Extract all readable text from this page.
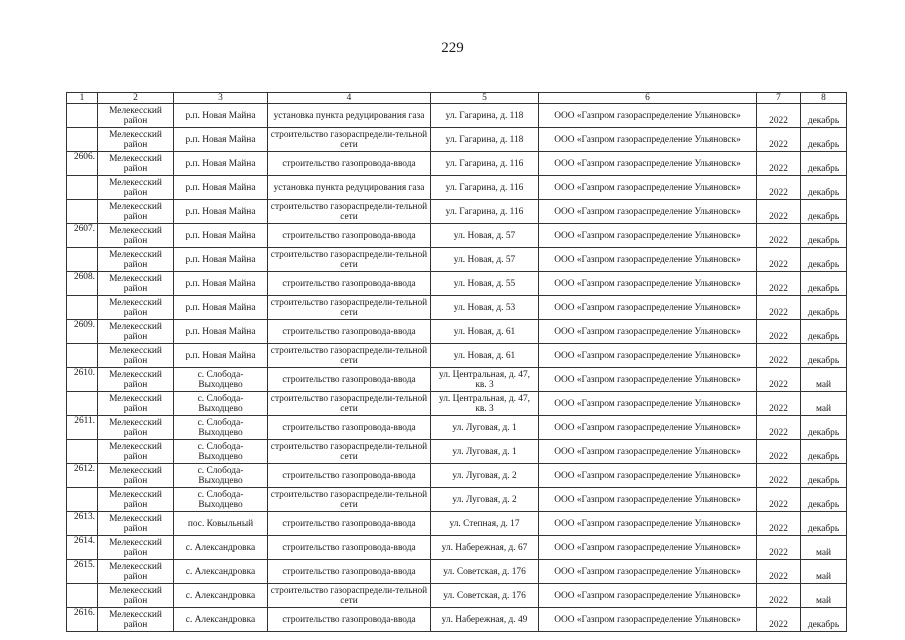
229
1	2	3	4	5	6	7	8
	Мелекесский район	р.п. Новая Майна	установка пункта редуцирования газа	ул. Гагарина, д. 118	ООО «Газпром газораспределение Ульяновск»	2022	декабрь
	Мелекесский район	р.п. Новая Майна	строительство газораспредели-тельной сети	ул. Гагарина, д. 118	ООО «Газпром газораспределение Ульяновск»	2022	декабрь
2606.	Мелекесский район	р.п. Новая Майна	строительство газопровода-ввода	ул. Гагарина, д. 116	ООО «Газпром газораспределение Ульяновск»	2022	декабрь
	Мелекесский район	р.п. Новая Майна	установка пункта редуцирования газа	ул. Гагарина, д. 116	ООО «Газпром газораспределение Ульяновск»	2022	декабрь
	Мелекесский район	р.п. Новая Майна	строительство газораспредели-тельной сети	ул. Гагарина, д. 116	ООО «Газпром газораспределение Ульяновск»	2022	декабрь
2607.	Мелекесский район	р.п. Новая Майна	строительство газопровода-ввода	ул. Новая, д. 57	ООО «Газпром газораспределение Ульяновск»	2022	декабрь
	Мелекесский район	р.п. Новая Майна	строительство газораспредели-тельной сети	ул. Новая, д. 57	ООО «Газпром газораспределение Ульяновск»	2022	декабрь
2608.	Мелекесский район	р.п. Новая Майна	строительство газопровода-ввода	ул. Новая, д. 55	ООО «Газпром газораспределение Ульяновск»	2022	декабрь
	Мелекесский район	р.п. Новая Майна	строительство газораспредели-тельной сети	ул. Новая, д. 53	ООО «Газпром газораспределение Ульяновск»	2022	декабрь
2609.	Мелекесский район	р.п. Новая Майна	строительство газопровода-ввода	ул. Новая, д. 61	ООО «Газпром газораспределение Ульяновск»	2022	декабрь
	Мелекесский район	р.п. Новая Майна	строительство газораспредели-тельной сети	ул. Новая, д. 61	ООО «Газпром газораспределение Ульяновск»	2022	декабрь
2610.	Мелекесский район	с. Слобода-Выходцево	строительство газопровода-ввода	ул. Центральная, д. 47, кв. 3	ООО «Газпром газораспределение Ульяновск»	2022	май
	Мелекесский район	с. Слобода-Выходцево	строительство газораспредели-тельной сети	ул. Центральная, д. 47, кв. 3	ООО «Газпром газораспределение Ульяновск»	2022	май
2611.	Мелекесский район	с. Слобода-Выходцево	строительство газопровода-ввода	ул. Луговая, д. 1	ООО «Газпром газораспределение Ульяновск»	2022	декабрь
	Мелекесский район	с. Слобода-Выходцево	строительство газораспредели-тельной сети	ул. Луговая, д. 1	ООО «Газпром газораспределение Ульяновск»	2022	декабрь
2612.	Мелекесский район	с. Слобода-Выходцево	строительство газопровода-ввода	ул. Луговая, д. 2	ООО «Газпром газораспределение Ульяновск»	2022	декабрь
	Мелекесский район	с. Слобода-Выходцево	строительство газораспредели-тельной сети	ул. Луговая, д. 2	ООО «Газпром газораспределение Ульяновск»	2022	декабрь
2613.	Мелекесский район	пос. Ковыльный	строительство газопровода-ввода	ул. Степная, д. 17	ООО «Газпром газораспределение Ульяновск»	2022	декабрь
2614.	Мелекесский район	с. Александровка	строительство газопровода-ввода	ул. Набережная, д. 67	ООО «Газпром газораспределение Ульяновск»	2022	май
2615.	Мелекесский район	с. Александровка	строительство газопровода-ввода	ул. Советская, д. 176	ООО «Газпром газораспределение Ульяновск»	2022	май
	Мелекесский район	с. Александровка	строительство газораспредели-тельной сети	ул. Советская, д. 176	ООО «Газпром газораспределение Ульяновск»	2022	май
2616.	Мелекесский район	с. Александровка	строительство газопровода-ввода	ул. Набережная, д. 49	ООО «Газпром газораспределение Ульяновск»	2022	декабрь
